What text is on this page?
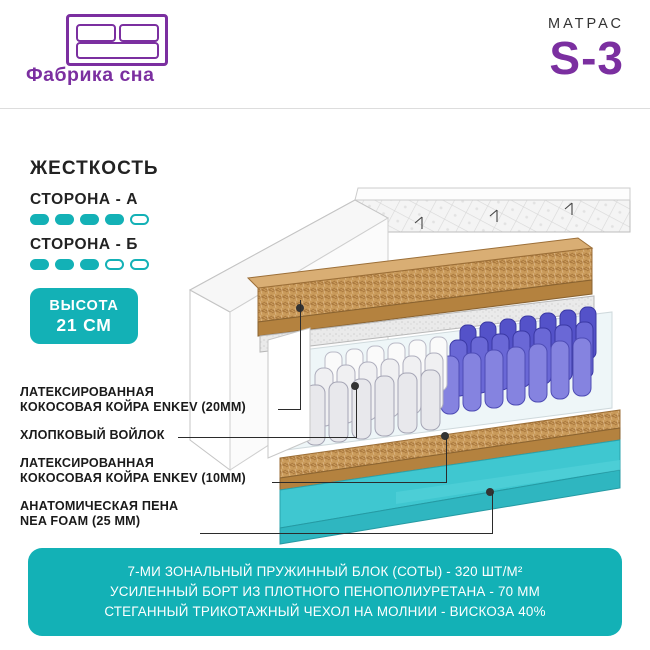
Фабрика сна
МАТРАС
S-3
ЖЕСТКОСТЬ
СТОРОНА - А
СТОРОНА - Б
ВЫСОТА
21 СМ
ЛАТЕКСИРОВАННАЯ
КОКОСОВАЯ КОЙРА ENKEV (20ММ)
ХЛОПКОВЫЙ ВОЙЛОК
ЛАТЕКСИРОВАННАЯ
КОКОСОВАЯ КОЙРА ENKEV (10ММ)
АНАТОМИЧЕСКАЯ ПЕНА
NEA FOAM (25 ММ)
7-МИ ЗОНАЛЬНЫЙ ПРУЖИННЫЙ БЛОК (СОТЫ) - 320 ШТ/М²
УСИЛЕННЫЙ БОРТ ИЗ ПЛОТНОГО ПЕНОПОЛИУРЕТАНА - 70 ММ
СТЕГАННЫЙ ТРИКОТАЖНЫЙ ЧЕХОЛ НА МОЛНИИ - ВИСКОЗА 40%
